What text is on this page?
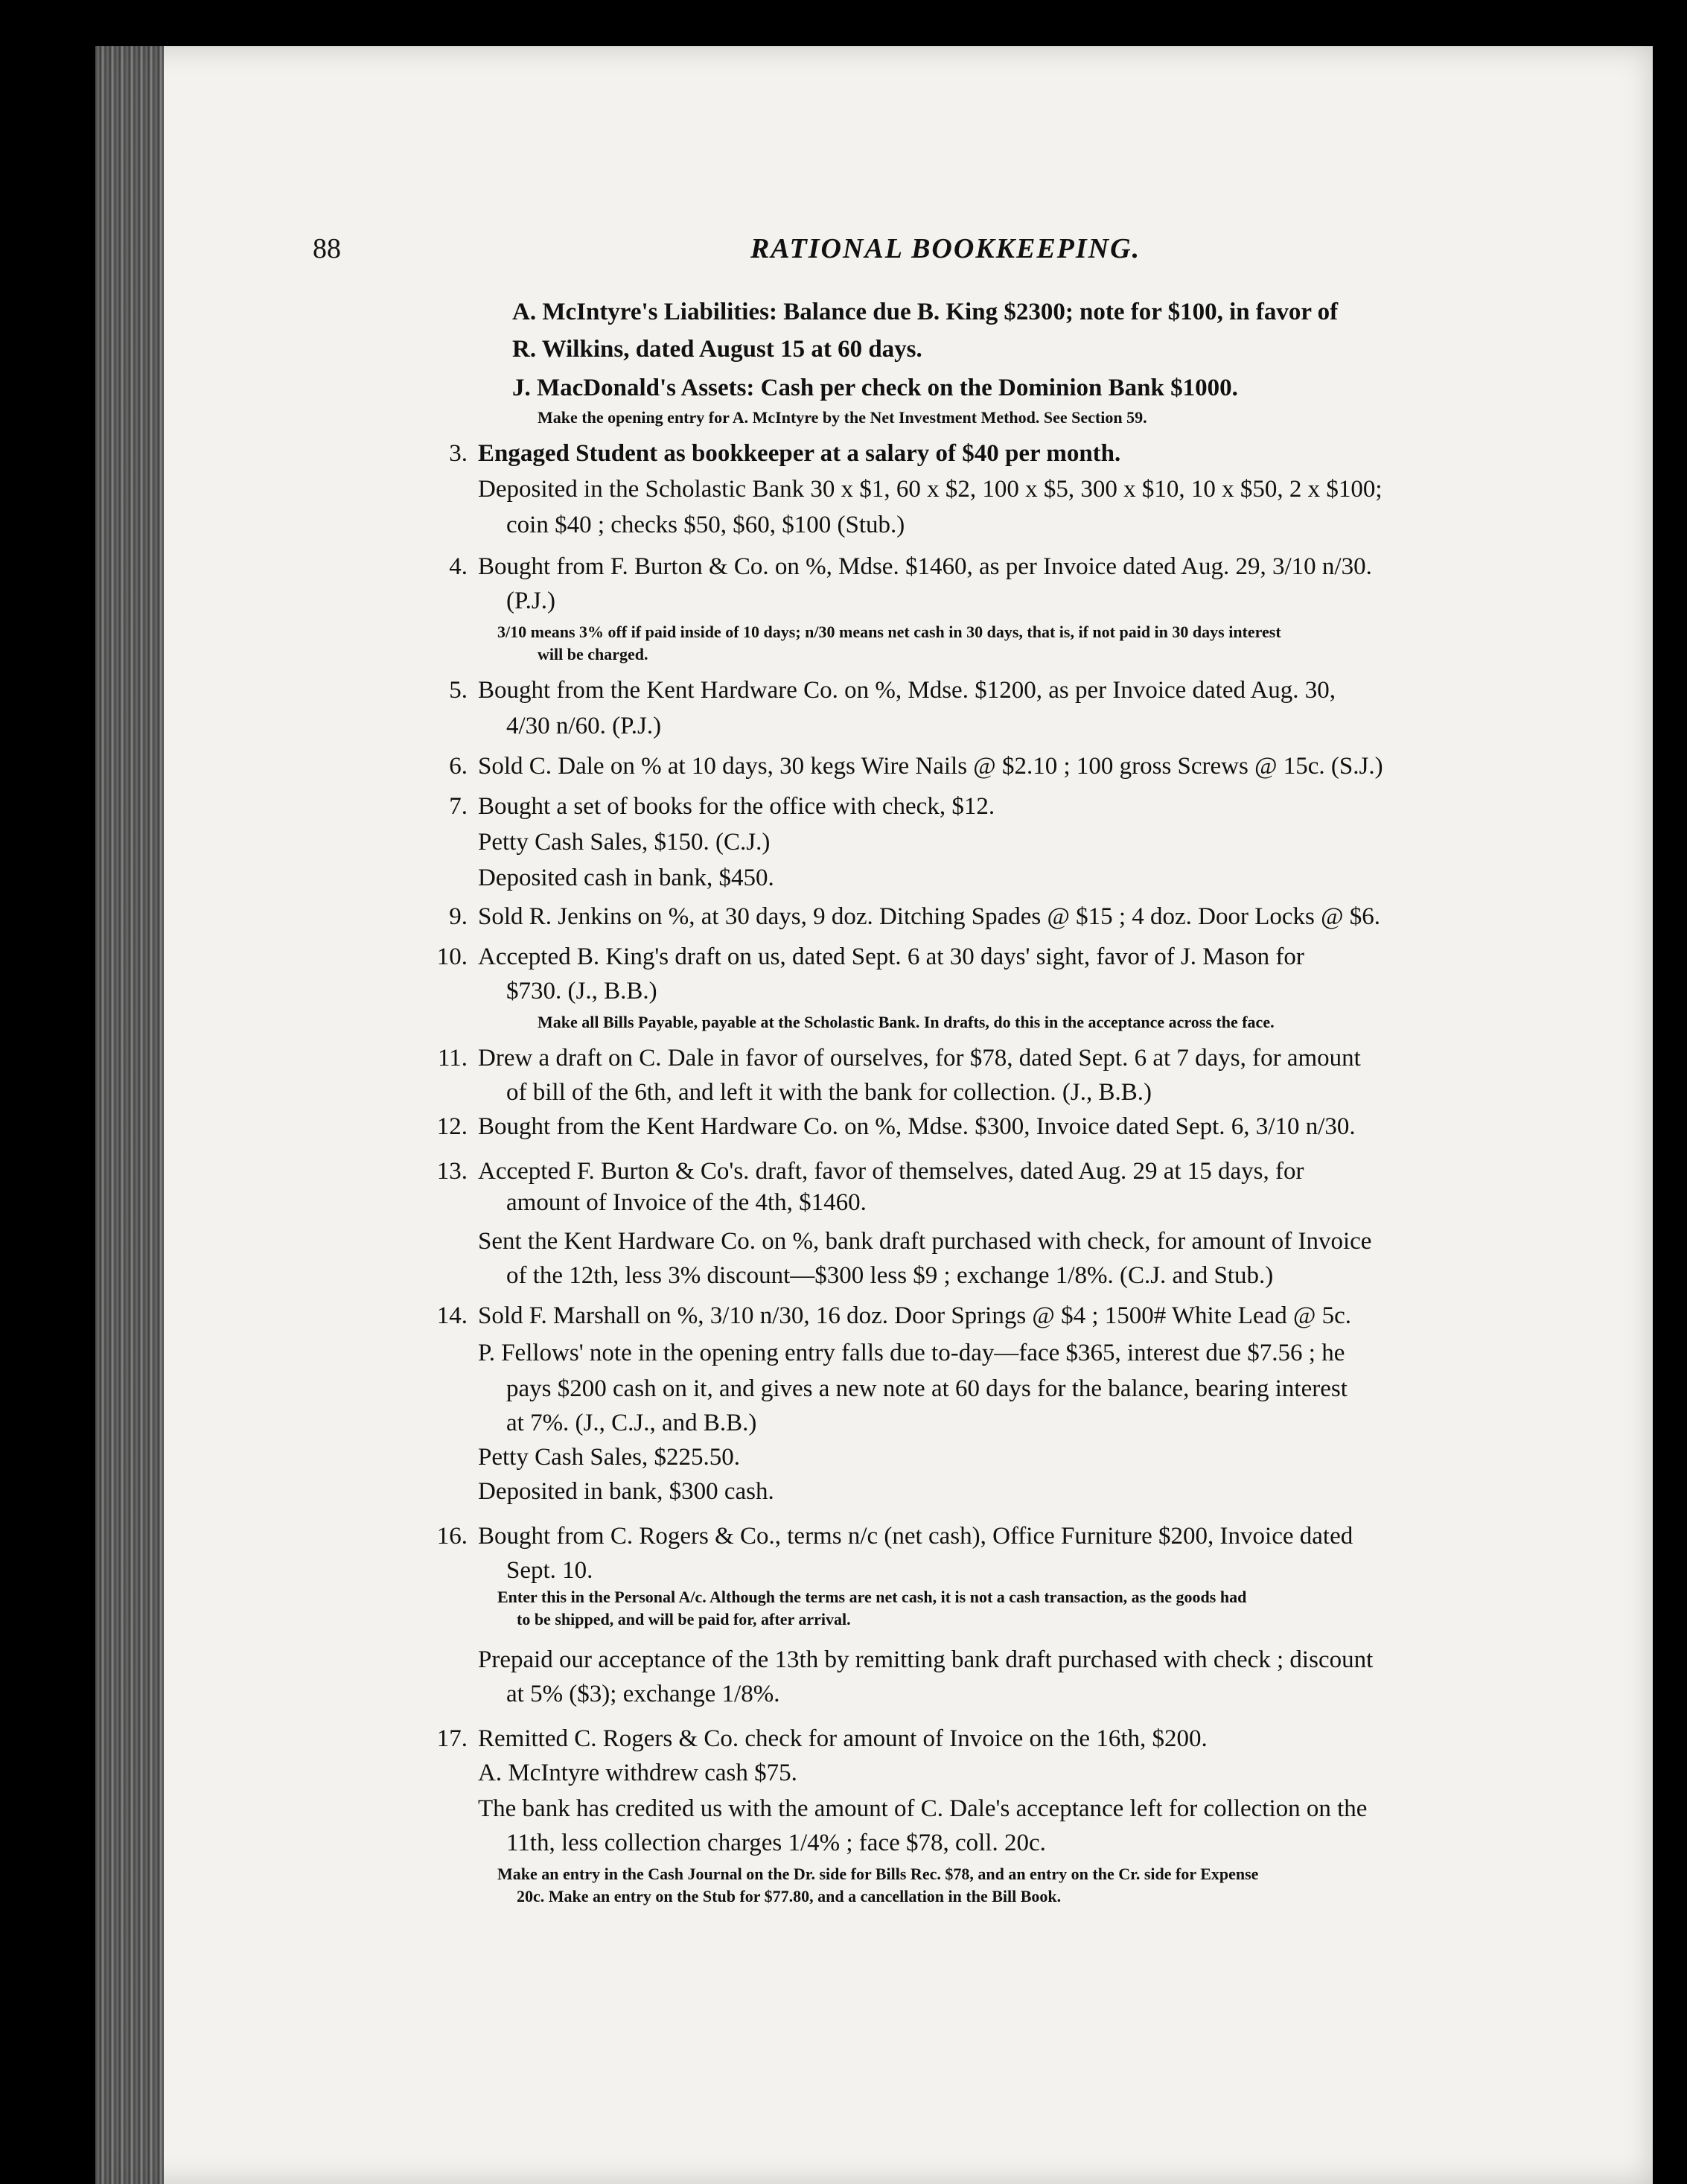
88	RATIONAL BOOKKEEPING.
A. McIntyre's Liabilities: Balance due B. King $2300; note for $100, in favor of
R. Wilkins, dated August 15 at 60 days.
J. MacDonald's Assets: Cash per check on the Dominion Bank $1000.
Make the opening entry for A. McIntyre by the Net Investment Method. See Section 59.
3. Engaged Student as bookkeeper at a salary of $40 per month.
Deposited in the Scholastic Bank 30 x $1, 60 x $2, 100 x $5, 300 x $10, 10 x $50, 2 x $100;
coin $40 ; checks $50, $60, $100 (Stub.)
4. Bought from F. Burton & Co. on %, Mdse. $1460, as per Invoice dated Aug. 29, 3/10 n/30.
(P.J.)
3/10 means 3% off if paid inside of 10 days; n/30 means net cash in 30 days, that is, if not paid in 30 days interest
will be charged.
5. Bought from the Kent Hardware Co. on %, Mdse. $1200, as per Invoice dated Aug. 30,
4/30 n/60. (P.J.)
6. Sold C. Dale on % at 10 days, 30 kegs Wire Nails @ $2.10 ; 100 gross Screws @ 15c. (S.J.)
7. Bought a set of books for the office with check, $12.
Petty Cash Sales, $150. (C.J.)
Deposited cash in bank, $450.
9. Sold R. Jenkins on %, at 30 days, 9 doz. Ditching Spades @ $15 ; 4 doz. Door Locks @ $6.
10. Accepted B. King's draft on us, dated Sept. 6 at 30 days' sight, favor of J. Mason for
$730. (J., B.B.)
Make all Bills Payable, payable at the Scholastic Bank. In drafts, do this in the acceptance across the face.
11. Drew a draft on C. Dale in favor of ourselves, for $78, dated Sept. 6 at 7 days, for amount
of bill of the 6th, and left it with the bank for collection. (J., B.B.)
12. Bought from the Kent Hardware Co. on %, Mdse. $300, Invoice dated Sept. 6, 3/10 n/30.
13. Accepted F. Burton & Co's. draft, favor of themselves, dated Aug. 29 at 15 days, for
amount of Invoice of the 4th, $1460.
Sent the Kent Hardware Co. on %, bank draft purchased with check, for amount of Invoice
of the 12th, less 3% discount—$300 less $9 ; exchange 1/8%. (C.J. and Stub.)
14. Sold F. Marshall on %, 3/10 n/30, 16 doz. Door Springs @ $4 ; 1500# White Lead @ 5c.
P. Fellows' note in the opening entry falls due to-day—face $365, interest due $7.56 ; he
pays $200 cash on it, and gives a new note at 60 days for the balance, bearing interest
at 7%. (J., C.J., and B.B.)
Petty Cash Sales, $225.50.
Deposited in bank, $300 cash.
16. Bought from C. Rogers & Co., terms n/c (net cash), Office Furniture $200, Invoice dated
Sept. 10.
Enter this in the Personal A/c. Although the terms are net cash, it is not a cash transaction, as the goods had
to be shipped, and will be paid for, after arrival.
Prepaid our acceptance of the 13th by remitting bank draft purchased with check ; discount
at 5% ($3); exchange 1/8%.
17. Remitted C. Rogers & Co. check for amount of Invoice on the 16th, $200.
A. McIntyre withdrew cash $75.
The bank has credited us with the amount of C. Dale's acceptance left for collection on the
11th, less collection charges 1/4% ; face $78, coll. 20c.
Make an entry in the Cash Journal on the Dr. side for Bills Rec. $78, and an entry on the Cr. side for Expense
20c. Make an entry on the Stub for $77.80, and a cancellation in the Bill Book.
